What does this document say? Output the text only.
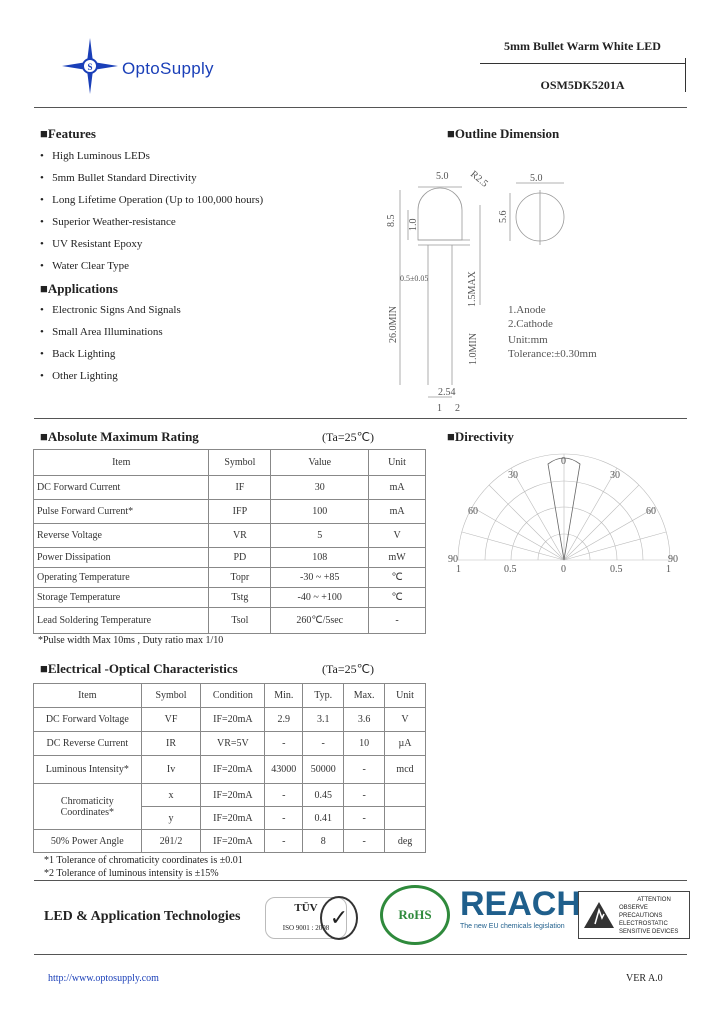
S OptoSupply
5mm Bullet Warm White LED
OSM5DK5201A
■Features
•   High Luminous LEDs
•   5mm Bullet Standard Directivity
•   Long Lifetime Operation (Up to 100,000 hours)
•   Superior Weather-resistance
•   UV Resistant Epoxy
•   Water Clear Type
■Applications
•   Electronic Signs And Signals
•   Small Area Illuminations
•   Back Lighting
•   Other Lighting
■Outline Dimension
5.0 R2.5
8.5 1.0
5.0
5.6
0.5±0.05	1.5MAX
26.0MIN
1.0MIN
2.54
1 2
1.Anode
2.Cathode
Unit:mm
Tolerance:±0.30mm
■Absolute Maximum Rating	(Ta=25℃)
Item	Symbol	Value	Unit
DC Forward Current	IF	30	mA
Pulse Forward Current*	IFP	100	mA
Reverse Voltage	VR	5	V
Power Dissipation	PD	108	mW
Operating Temperature	Topr	-30 ~ +85	℃
Storage Temperature	Tstg	-40 ~ +100	℃
Lead Soldering Temperature	Tsol	260℃/5sec	-
*Pulse width Max 10ms , Duty ratio max 1/10
■Directivity
0
30	30
60	60
90	90
1	0.5	0	0.5	1
■Electrical -Optical Characteristics	(Ta=25℃)
Item	Symbol	Condition	Min.	Typ.	Max.	Unit
DC Forward Voltage	VF	IF=20mA	2.9	3.1	3.6	V
DC Reverse Current	IR	VR=5V	-	-	10	µA
Luminous Intensity*	Iv	IF=20mA	43000	50000	-	mcd
Chromaticity
Coordinates*	x	IF=20mA	-	0.45	-	
	y	IF=20mA	-	0.41	-	
50% Power Angle	2θ1/2	IF=20mA	-	8	-	deg
*1 Tolerance of chromaticity coordinates is ±0.01
*2 Tolerance of luminous intensity is ±15%
LED & Application Technologies
TÜV
ISO 9001 : 2008 ✓	RoHS REACH
The new EU chemicals legislation
ATTENTION
OBSERVE PRECAUTIONS
ELECTROSTATIC
SENSITIVE DEVICES
http://www.optosupply.com	VER A.0
